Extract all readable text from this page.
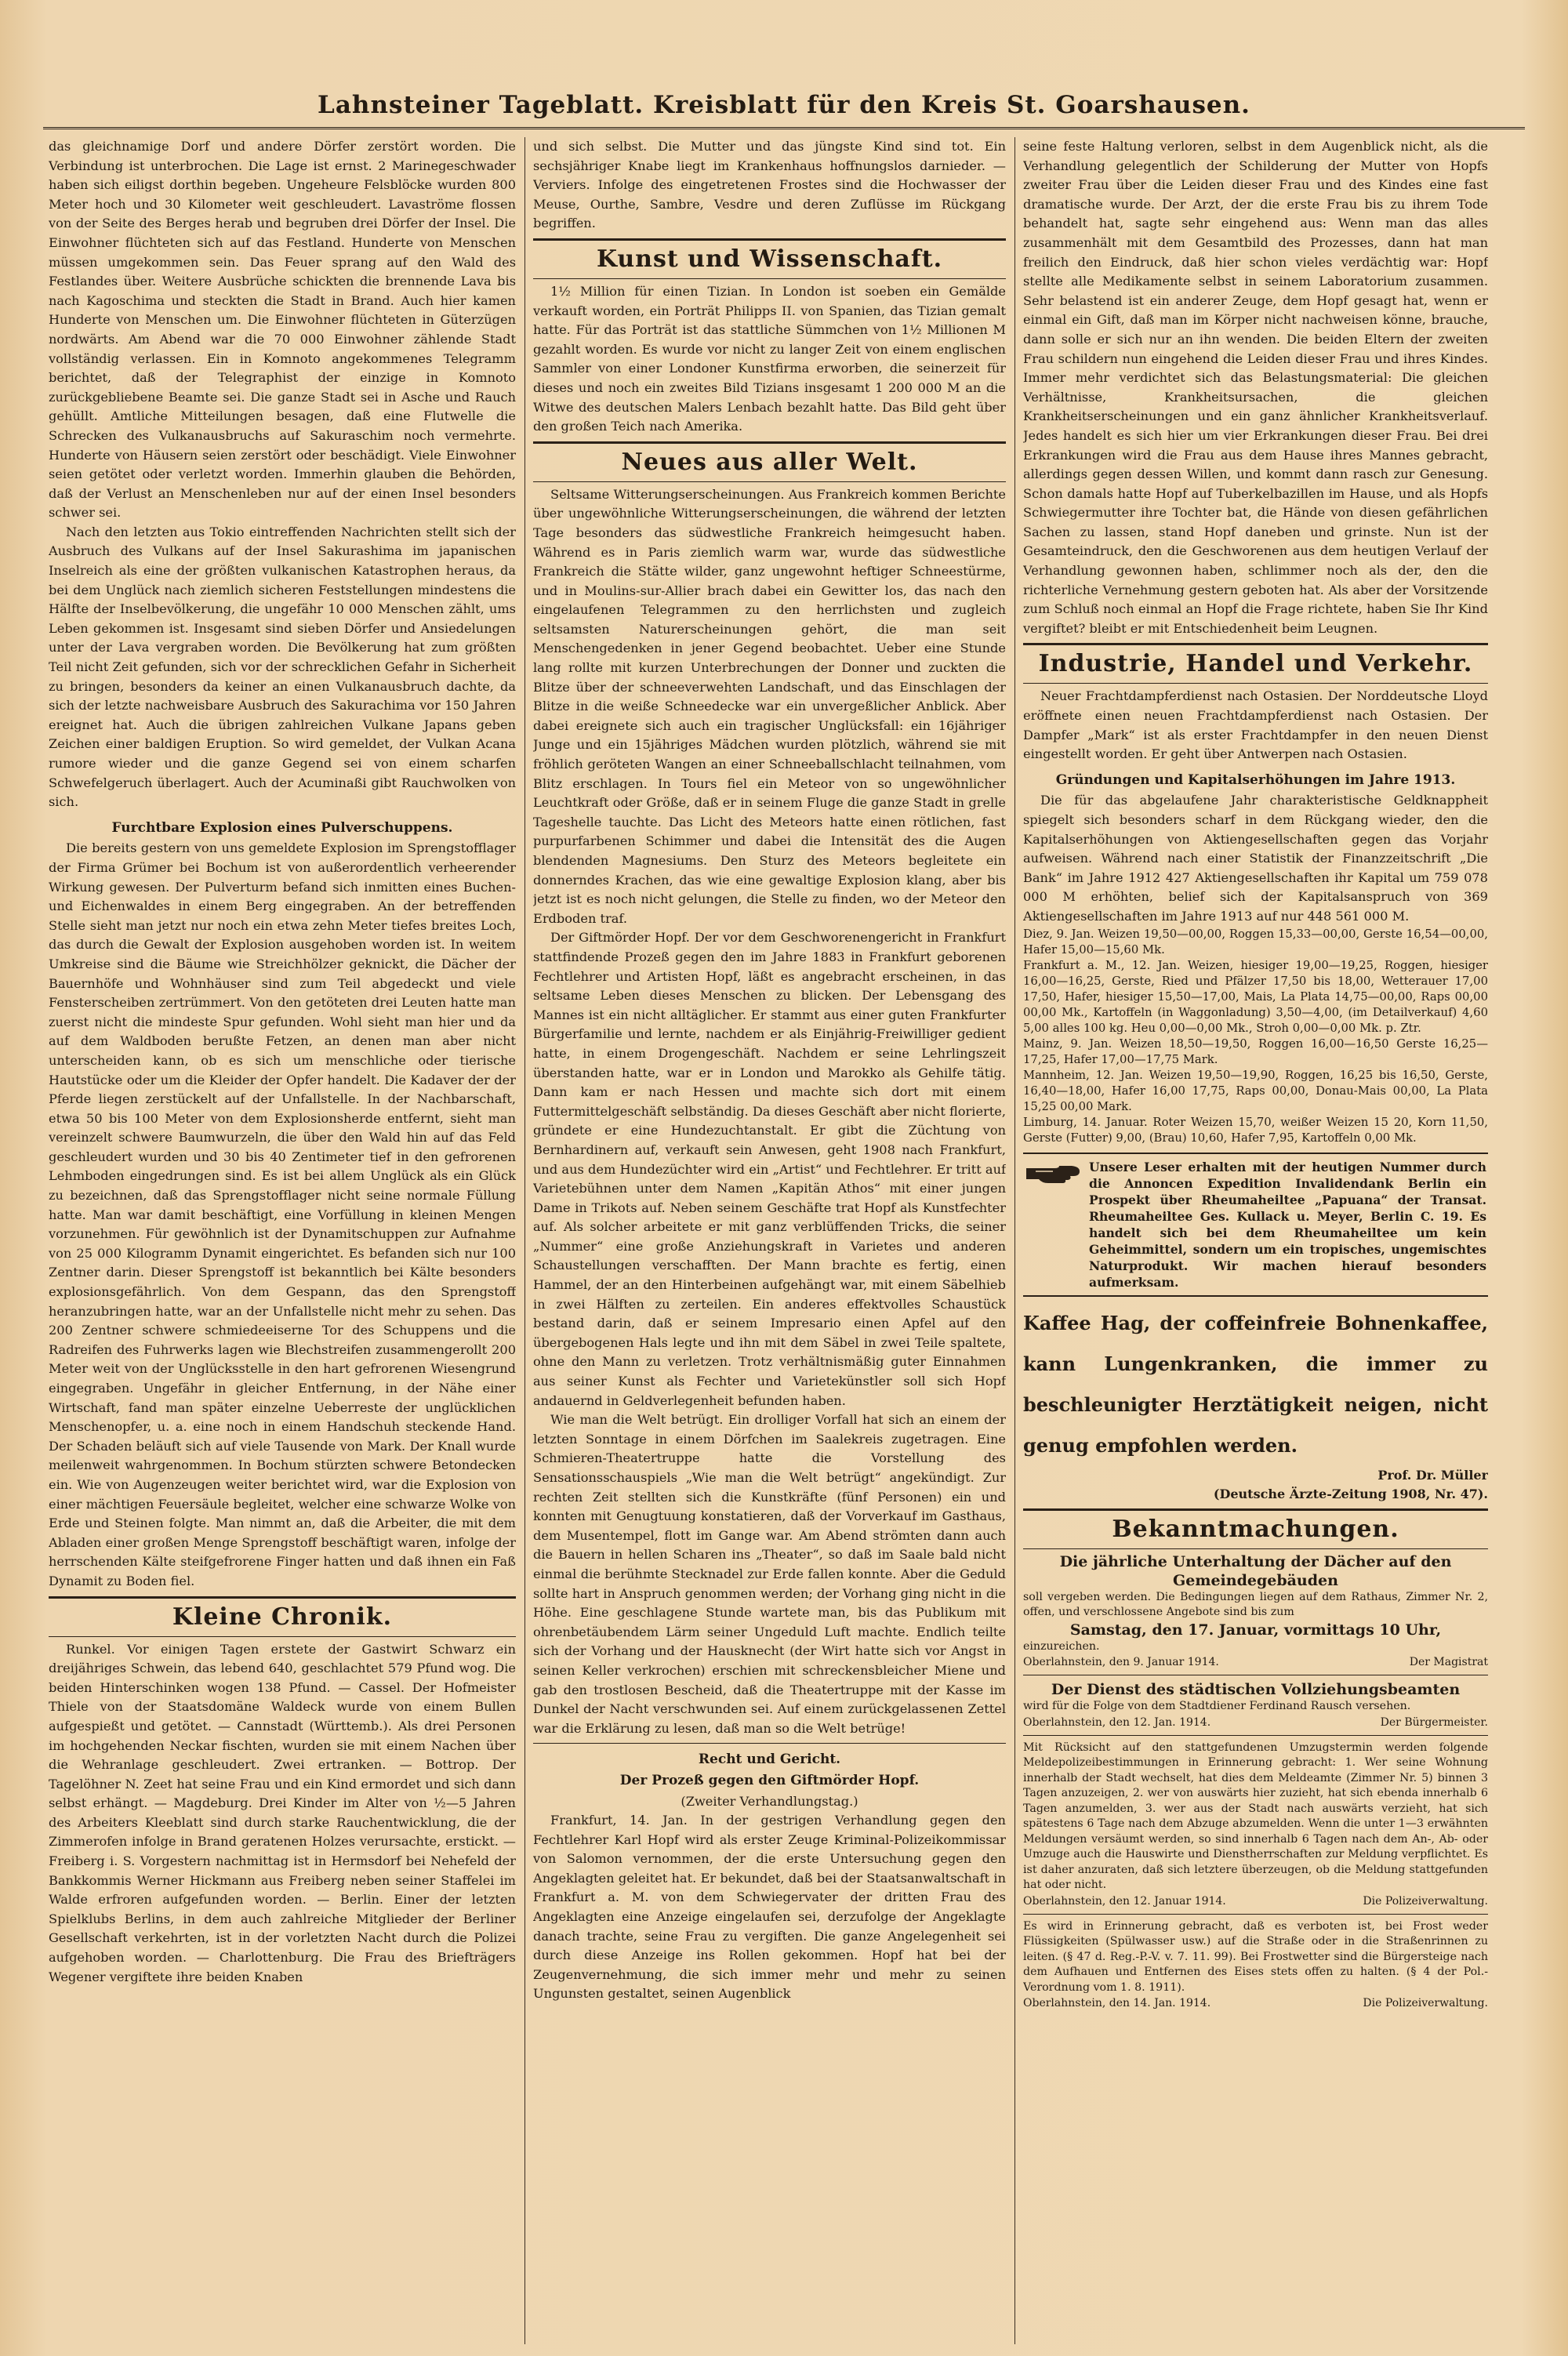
Lahnsteiner Tageblatt. Kreisblatt für den Kreis St. Goarshausen.

das gleichnamige Dorf und andere Dörfer zerstört worden. Die Verbindung ist unterbrochen. Die Lage ist ernst. 2 Marinegeschwader haben sich eiligst dorthin begeben. Ungeheure Felsblöcke wurden 800 Meter hoch und 30 Kilometer weit geschleudert. Lavaströme flossen von der Seite des Berges herab und begruben drei Dörfer der Insel. Die Einwohner flüchteten sich auf das Festland. Hunderte von Menschen müssen umgekommen sein. Das Feuer sprang auf den Wald des Festlandes über. Weitere Ausbrüche schickten die brennende Lava bis nach Kagoschima und steckten die Stadt in Brand. Auch hier kamen Hunderte von Menschen um. Die Einwohner flüchteten in Güterzügen nordwärts. Am Abend war die 70 000 Einwohner zählende Stadt vollständig verlassen. Ein in Komnoto angekommenes Telegramm berichtet, daß der Telegraphist der einzige in Komnoto zurückgebliebene Beamte sei. Die ganze Stadt sei in Asche und Rauch gehüllt. Amtliche Mitteilungen besagen, daß eine Flutwelle die Schrecken des Vulkanausbruchs auf Sakuraschim noch vermehrte. Hunderte von Häusern seien zerstört oder beschädigt. Viele Einwohner seien getötet oder verletzt worden. Immerhin glauben die Behörden, daß der Verlust an Menschenleben nur auf der einen Insel besonders schwer sei.

Nach den letzten aus Tokio eintreffenden Nachrichten stellt sich der Ausbruch des Vulkans auf der Insel Sakurashima im japanischen Inselreich als eine der größten vulkanischen Katastrophen heraus, da bei dem Unglück nach ziemlich sicheren Feststellungen mindestens die Hälfte der Inselbevölkerung, die ungefähr 10 000 Menschen zählt, ums Leben gekommen ist. Insgesamt sind sieben Dörfer und Ansiedelungen unter der Lava vergraben worden. Die Bevölkerung hat zum größten Teil nicht Zeit gefunden, sich vor der schrecklichen Gefahr in Sicherheit zu bringen, besonders da keiner an einen Vulkanausbruch dachte, da sich der letzte nachweisbare Ausbruch des Sakurachima vor 150 Jahren ereignet hat. Auch die übrigen zahlreichen Vulkane Japans geben Zeichen einer baldigen Eruption. So wird gemeldet, der Vulkan Acana rumore wieder und die ganze Gegend sei von einem scharfen Schwefelgeruch überlagert. Auch der Acuminaßi gibt Rauchwolken von sich.

Furchtbare Explosion eines Pulverschuppens.

Die bereits gestern von uns gemeldete Explosion im Sprengstofflager der Firma Grümer bei Bochum ist von außerordentlich verheerender Wirkung gewesen. Der Pulverturm befand sich inmitten eines Buchen- und Eichenwaldes in einem Berg eingegraben. An der betreffenden Stelle sieht man jetzt nur noch ein etwa zehn Meter tiefes breites Loch, das durch die Gewalt der Explosion ausgehoben worden ist. In weitem Umkreise sind die Bäume wie Streichhölzer geknickt, die Dächer der Bauernhöfe und Wohnhäuser sind zum Teil abgedeckt und viele Fensterscheiben zertrümmert. Von den getöteten drei Leuten hatte man zuerst nicht die mindeste Spur gefunden. Wohl sieht man hier und da auf dem Waldboden berußte Fetzen, an denen man aber nicht unterscheiden kann, ob es sich um menschliche oder tierische Hautstücke oder um die Kleider der Opfer handelt. Die Kadaver der der Pferde liegen zerstückelt auf der Unfallstelle. In der Nachbarschaft, etwa 50 bis 100 Meter von dem Explosionsherde entfernt, sieht man vereinzelt schwere Baumwurzeln, die über den Wald hin auf das Feld geschleudert wurden und 30 bis 40 Zentimeter tief in den gefrorenen Lehmboden eingedrungen sind. Es ist bei allem Unglück als ein Glück zu bezeichnen, daß das Sprengstofflager nicht seine normale Füllung hatte. Man war damit beschäftigt, eine Vorfüllung in kleinen Mengen vorzunehmen. Für gewöhnlich ist der Dynamitschuppen zur Aufnahme von 25 000 Kilogramm Dynamit eingerichtet. Es befanden sich nur 100 Zentner darin. Dieser Sprengstoff ist bekanntlich bei Kälte besonders explosionsgefährlich. Von dem Gespann, das den Sprengstoff heranzubringen hatte, war an der Unfallstelle nicht mehr zu sehen. Das 200 Zentner schwere schmiedeeiserne Tor des Schuppens und die Radreifen des Fuhrwerks lagen wie Blechstreifen zusammengerollt 200 Meter weit von der Unglücksstelle in den hart gefrorenen Wiesengrund eingegraben. Ungefähr in gleicher Entfernung, in der Nähe einer Wirtschaft, fand man später einzelne Ueberreste der unglücklichen Menschenopfer, u. a. eine noch in einem Handschuh steckende Hand. Der Schaden beläuft sich auf viele Tausende von Mark. Der Knall wurde meilenweit wahrgenommen. In Bochum stürzten schwere Betondecken ein. Wie von Augenzeugen weiter berichtet wird, war die Explosion von einer mächtigen Feuersäule begleitet, welcher eine schwarze Wolke von Erde und Steinen folgte. Man nimmt an, daß die Arbeiter, die mit dem Abladen einer großen Menge Sprengstoff beschäftigt waren, infolge der herrschenden Kälte steifgefrorene Finger hatten und daß ihnen ein Faß Dynamit zu Boden fiel.

Kleine Chronik.

Runkel. Vor einigen Tagen erstete der Gastwirt Schwarz ein dreijähriges Schwein, das lebend 640, geschlachtet 579 Pfund wog. Die beiden Hinterschinken wogen 138 Pfund. — Cassel. Der Hofmeister Thiele von der Staatsdomäne Waldeck wurde von einem Bullen aufgespießt und getötet. — Cannstadt (Württemb.). Als drei Personen im hochgehenden Neckar fischten, wurden sie mit einem Nachen über die Wehranlage geschleudert. Zwei ertranken. — Bottrop. Der Tagelöhner N. Zeet hat seine Frau und ein Kind ermordet und sich dann selbst erhängt. — Magdeburg. Drei Kinder im Alter von ½—5 Jahren des Arbeiters Kleeblatt sind durch starke Rauchentwicklung, die der Zimmerofen infolge in Brand geratenen Holzes verursachte, erstickt. — Freiberg i. S. Vorgestern nachmittag ist in Hermsdorf bei Nehefeld der Bankkommis Werner Hickmann aus Freiberg neben seiner Staffelei im Walde erfroren aufgefunden worden. — Berlin. Einer der letzten Spielklubs Berlins, in dem auch zahlreiche Mitglieder der Berliner Gesellschaft verkehrten, ist in der vorletzten Nacht durch die Polizei aufgehoben worden. — Charlottenburg. Die Frau des Briefträgers Wegener vergiftete ihre beiden Knaben

und sich selbst. Die Mutter und das jüngste Kind sind tot. Ein sechsjähriger Knabe liegt im Krankenhaus hoffnungslos darnieder. — Verviers. Infolge des eingetretenen Frostes sind die Hochwasser der Meuse, Ourthe, Sambre, Vesdre und deren Zuflüsse im Rückgang begriffen.

Kunst und Wissenschaft.

1½ Million für einen Tizian. In London ist soeben ein Gemälde verkauft worden, ein Porträt Philipps II. von Spanien, das Tizian gemalt hatte. Für das Porträt ist das stattliche Sümmchen von 1½ Millionen M gezahlt worden. Es wurde vor nicht zu langer Zeit von einem englischen Sammler von einer Londoner Kunstfirma erworben, die seinerzeit für dieses und noch ein zweites Bild Tizians insgesamt 1 200 000 M an die Witwe des deutschen Malers Lenbach bezahlt hatte. Das Bild geht über den großen Teich nach Amerika.

Neues aus aller Welt.

Seltsame Witterungserscheinungen. Aus Frankreich kommen Berichte über ungewöhnliche Witterungserscheinungen, die während der letzten Tage besonders das südwestliche Frankreich heimgesucht haben. Während es in Paris ziemlich warm war, wurde das südwestliche Frankreich die Stätte wilder, ganz ungewohnt heftiger Schneestürme, und in Moulins-sur-Allier brach dabei ein Gewitter los, das nach den eingelaufenen Telegrammen zu den herrlichsten und zugleich seltsamsten Naturerscheinungen gehört, die man seit Menschengedenken in jener Gegend beobachtet. Ueber eine Stunde lang rollte mit kurzen Unterbrechungen der Donner und zuckten die Blitze über der schneeverwehten Landschaft, und das Einschlagen der Blitze in die weiße Schneedecke war ein unvergeßlicher Anblick. Aber dabei ereignete sich auch ein tragischer Unglücksfall: ein 16jähriger Junge und ein 15jähriges Mädchen wurden plötzlich, während sie mit fröhlich geröteten Wangen an einer Schneeballschlacht teilnahmen, vom Blitz erschlagen. In Tours fiel ein Meteor von so ungewöhnlicher Leuchtkraft oder Größe, daß er in seinem Fluge die ganze Stadt in grelle Tageshelle tauchte. Das Licht des Meteors hatte einen rötlichen, fast purpurfarbenen Schimmer und dabei die Intensität des die Augen blendenden Magnesiums. Den Sturz des Meteors begleitete ein donnerndes Krachen, das wie eine gewaltige Explosion klang, aber bis jetzt ist es noch nicht gelungen, die Stelle zu finden, wo der Meteor den Erdboden traf.

Der Giftmörder Hopf. Der vor dem Geschworenengericht in Frankfurt stattfindende Prozeß gegen den im Jahre 1883 in Frankfurt geborenen Fechtlehrer und Artisten Hopf, läßt es angebracht erscheinen, in das seltsame Leben dieses Menschen zu blicken. Der Lebensgang des Mannes ist ein nicht alltäglicher. Er stammt aus einer guten Frankfurter Bürgerfamilie und lernte, nachdem er als Einjährig-Freiwilliger gedient hatte, in einem Drogengeschäft. Nachdem er seine Lehrlingszeit überstanden hatte, war er in London und Marokko als Gehilfe tätig. Dann kam er nach Hessen und machte sich dort mit einem Futtermittelgeschäft selbständig. Da dieses Geschäft aber nicht florierte, gründete er eine Hundezuchtanstalt. Er gibt die Züchtung von Bernhardinern auf, verkauft sein Anwesen, geht 1908 nach Frankfurt, und aus dem Hundezüchter wird ein „Artist“ und Fechtlehrer. Er tritt auf Varietebühnen unter dem Namen „Kapitän Athos“ mit einer jungen Dame in Trikots auf. Neben seinem Geschäfte trat Hopf als Kunstfechter auf. Als solcher arbeitete er mit ganz verblüffenden Tricks, die seiner „Nummer“ eine große Anziehungskraft in Varietes und anderen Schaustellungen verschafften. Der Mann brachte es fertig, einen Hammel, der an den Hinterbeinen aufgehängt war, mit einem Säbelhieb in zwei Hälften zu zerteilen. Ein anderes effektvolles Schaustück bestand darin, daß er seinem Impresario einen Apfel auf den übergebogenen Hals legte und ihn mit dem Säbel in zwei Teile spaltete, ohne den Mann zu verletzen. Trotz verhältnismäßig guter Einnahmen aus seiner Kunst als Fechter und Varietekünstler soll sich Hopf andauernd in Geldverlegenheit befunden haben.

Wie man die Welt betrügt. Ein drolliger Vorfall hat sich an einem der letzten Sonntage in einem Dörfchen im Saalekreis zugetragen. Eine Schmieren-Theatertruppe hatte die Vorstellung des Sensationsschauspiels „Wie man die Welt betrügt“ angekündigt. Zur rechten Zeit stellten sich die Kunstkräfte (fünf Personen) ein und konnten mit Genugtuung konstatieren, daß der Vorverkauf im Gasthaus, dem Musentempel, flott im Gange war. Am Abend strömten dann auch die Bauern in hellen Scharen ins „Theater“, so daß im Saale bald nicht einmal die berühmte Stecknadel zur Erde fallen konnte. Aber die Geduld sollte hart in Anspruch genommen werden; der Vorhang ging nicht in die Höhe. Eine geschlagene Stunde wartete man, bis das Publikum mit ohrenbetäubendem Lärm seiner Ungeduld Luft machte. Endlich teilte sich der Vorhang und der Hausknecht (der Wirt hatte sich vor Angst in seinen Keller verkrochen) erschien mit schreckensbleicher Miene und gab den trostlosen Bescheid, daß die Theatertruppe mit der Kasse im Dunkel der Nacht verschwunden sei. Auf einem zurückgelassenen Zettel war die Erklärung zu lesen, daß man so die Welt betrüge!

Recht und Gericht.
Der Prozeß gegen den Giftmörder Hopf.
(Zweiter Verhandlungstag.)

Frankfurt, 14. Jan. In der gestrigen Verhandlung gegen den Fechtlehrer Karl Hopf wird als erster Zeuge Kriminal-Polizeikommissar von Salomon vernommen, der die erste Untersuchung gegen den Angeklagten geleitet hat. Er bekundet, daß bei der Staatsanwaltschaft in Frankfurt a. M. von dem Schwiegervater der dritten Frau des Angeklagten eine Anzeige eingelaufen sei, derzufolge der Angeklagte danach trachte, seine Frau zu vergiften. Die ganze Angelegenheit sei durch diese Anzeige ins Rollen gekommen. Hopf hat bei der Zeugenvernehmung, die sich immer mehr und mehr zu seinen Ungunsten gestaltet, seinen Augenblick

seine feste Haltung verloren, selbst in dem Augenblick nicht, als die Verhandlung gelegentlich der Schilderung der Mutter von Hopfs zweiter Frau über die Leiden dieser Frau und des Kindes eine fast dramatische wurde. Der Arzt, der die erste Frau bis zu ihrem Tode behandelt hat, sagte sehr eingehend aus: Wenn man das alles zusammenhält mit dem Gesamtbild des Prozesses, dann hat man freilich den Eindruck, daß hier schon vieles verdächtig war: Hopf stellte alle Medikamente selbst in seinem Laboratorium zusammen. Sehr belastend ist ein anderer Zeuge, dem Hopf gesagt hat, wenn er einmal ein Gift, daß man im Körper nicht nachweisen könne, brauche, dann solle er sich nur an ihn wenden. Die beiden Eltern der zweiten Frau schildern nun eingehend die Leiden dieser Frau und ihres Kindes. Immer mehr verdichtet sich das Belastungsmaterial: Die gleichen Verhältnisse, Krankheitsursachen, die gleichen Krankheitserscheinungen und ein ganz ähnlicher Krankheitsverlauf. Jedes handelt es sich hier um vier Erkrankungen dieser Frau. Bei drei Erkrankungen wird die Frau aus dem Hause ihres Mannes gebracht, allerdings gegen dessen Willen, und kommt dann rasch zur Genesung. Schon damals hatte Hopf auf Tuberkelbazillen im Hause, und als Hopfs Schwiegermutter ihre Tochter bat, die Hände von diesen gefährlichen Sachen zu lassen, stand Hopf daneben und grinste. Nun ist der Gesamteindruck, den die Geschworenen aus dem heutigen Verlauf der Verhandlung gewonnen haben, schlimmer noch als der, den die richterliche Vernehmung gestern geboten hat. Als aber der Vorsitzende zum Schluß noch einmal an Hopf die Frage richtete, haben Sie Ihr Kind vergiftet? bleibt er mit Entschiedenheit beim Leugnen.

Industrie, Handel und Verkehr.

Neuer Frachtdampferdienst nach Ostasien. Der Norddeutsche Lloyd eröffnete einen neuen Frachtdampferdienst nach Ostasien. Der Dampfer „Mark“ ist als erster Frachtdampfer in den neuen Dienst eingestellt worden. Er geht über Antwerpen nach Ostasien.

Gründungen und Kapitalserhöhungen im Jahre 1913.

Die für das abgelaufene Jahr charakteristische Geldknappheit spiegelt sich besonders scharf in dem Rückgang wieder, den die Kapitalserhöhungen von Aktiengesellschaften gegen das Vorjahr aufweisen. Während nach einer Statistik der Finanzzeitschrift „Die Bank“ im Jahre 1912 427 Aktiengesellschaften ihr Kapital um 759 078 000 M erhöhten, belief sich der Kapitalsanspruch von 369 Aktiengesellschaften im Jahre 1913 auf nur 448 561 000 M.

Diez, 9. Jan. Weizen 19,50—00,00, Roggen 15,33—00,00, Gerste 16,54—00,00, Hafer 15,00—15,60 Mk.

Frankfurt a. M., 12. Jan. Weizen, hiesiger 19,00—19,25, Roggen, hiesiger 16,00—16,25, Gerste, Ried und Pfälzer 17,50 bis 18,00, Wetterauer 17,00 17,50, Hafer, hiesiger 15,50—17,00, Mais, La Plata 14,75—00,00, Raps 00,00 00,00 Mk., Kartoffeln (in Waggonladung) 3,50—4,00, (im Detailverkauf) 4,60 5,00 alles 100 kg. Heu 0,00—0,00 Mk., Stroh 0,00—0,00 Mk. p. Ztr.

Mainz, 9. Jan. Weizen 18,50—19,50, Roggen 16,00—16,50 Gerste 16,25—17,25, Hafer 17,00—17,75 Mark.

Mannheim, 12. Jan. Weizen 19,50—19,90, Roggen, 16,25 bis 16,50, Gerste, 16,40—18,00, Hafer 16,00 17,75, Raps 00,00, Donau-Mais 00,00, La Plata 15,25 00,00 Mark.

Limburg, 14. Januar. Roter Weizen 15,70, weißer Weizen 15 20, Korn 11,50, Gerste (Futter) 9,00, (Brau) 10,60, Hafer 7,95, Kartoffeln 0,00 Mk.

Unsere Leser erhalten mit der heutigen Nummer durch die Annoncen Expedition Invalidendank Berlin ein Prospekt über Rheumaheiltee „Papuana“ der Transat. Rheumaheiltee Ges. Kullack u. Meyer, Berlin C. 19. Es handelt sich bei dem Rheumaheiltee um kein Geheimmittel, sondern um ein tropisches, ungemischtes Naturprodukt. Wir machen hierauf besonders aufmerksam.

Kaffee Hag, der coffeinfreie Bohnenkaffee, kann Lungenkranken, die immer zu beschleunigter Herztätigkeit neigen, nicht genug empfohlen werden.

Prof. Dr. Müller
(Deutsche Ärzte-Zeitung 1908, Nr. 47).
Bekanntmachungen.

Die jährliche Unterhaltung der Dächer auf den Gemeindegebäuden

soll vergeben werden. Die Bedingungen liegen auf dem Rathaus, Zimmer Nr. 2, offen, und verschlossene Angebote sind bis zum

Samstag, den 17. Januar, vormittags 10 Uhr,

einzureichen.

Oberlahnstein, den 9. Januar 1914.	Der Magistrat

Der Dienst des städtischen Vollziehungsbeamten

wird für die Folge von dem Stadtdiener Ferdinand Rausch versehen.

Oberlahnstein, den 12. Jan. 1914.	Der Bürgermeister.

Mit Rücksicht auf den stattgefundenen Umzugstermin werden folgende Meldepolizeibestimmungen in Erinnerung gebracht: 1. Wer seine Wohnung innerhalb der Stadt wechselt, hat dies dem Meldeamte (Zimmer Nr. 5) binnen 3 Tagen anzuzeigen, 2. wer von auswärts hier zuzieht, hat sich ebenda innerhalb 6 Tagen anzumelden, 3. wer aus der Stadt nach auswärts verzieht, hat sich spätestens 6 Tage nach dem Abzuge abzumelden. Wenn die unter 1—3 erwähnten Meldungen versäumt werden, so sind innerhalb 6 Tagen nach dem An-, Ab- oder Umzuge auch die Hauswirte und Dienstherrschaften zur Meldung verpflichtet. Es ist daher anzuraten, daß sich letztere überzeugen, ob die Meldung stattgefunden hat oder nicht.

Oberlahnstein, den 12. Januar 1914.	Die Polizeiverwaltung.

Es wird in Erinnerung gebracht, daß es verboten ist, bei Frost weder Flüssigkeiten (Spülwasser usw.) auf die Straße oder in die Straßenrinnen zu leiten. (§ 47 d. Reg.-P.-V. v. 7. 11. 99). Bei Frostwetter sind die Bürgersteige nach dem Aufhauen und Entfernen des Eises stets offen zu halten. (§ 4 der Pol.-Verordnung vom 1. 8. 1911).

Oberlahnstein, den 14. Jan. 1914.	Die Polizeiverwaltung.
